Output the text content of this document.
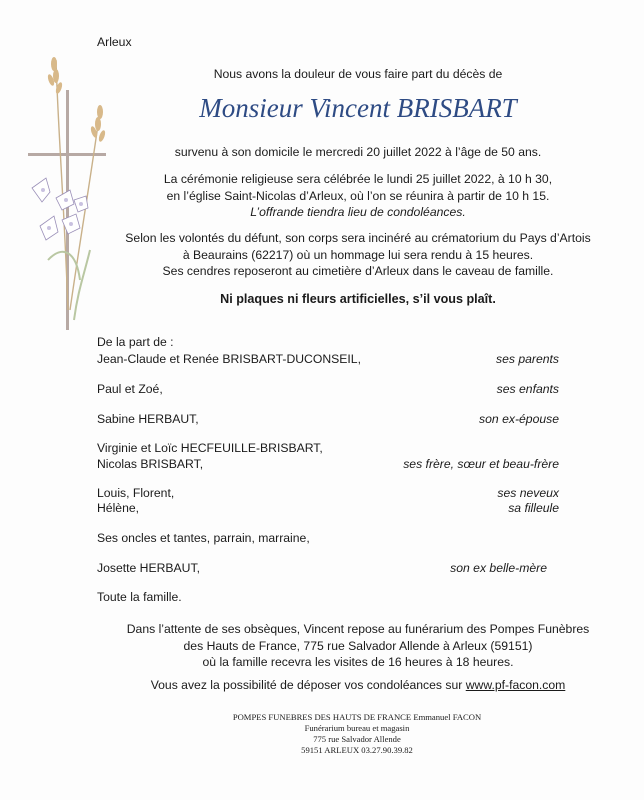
Arleux
Nous avons la douleur de vous faire part du décès de
Monsieur Vincent BRISBART
survenu à son domicile le mercredi 20 juillet 2022 à l’âge de 50 ans.
La cérémonie religieuse sera célébrée le lundi 25 juillet 2022, à 10 h 30,
en l’église Saint-Nicolas d’Arleux, où l’on se réunira à partir de 10 h 15.
L’offrande tiendra lieu de condoléances.
Selon les volontés du défunt, son corps sera incinéré au crématorium du Pays d’Artois
à Beaurains (62217) où un hommage lui sera rendu à 15 heures.
Ses cendres reposeront au cimetière d’Arleux dans le caveau de famille.
Ni plaques ni fleurs artificielles, s’il vous plaît.
De la part de :
Jean-Claude et Renée BRISBART-DUCONSEIL,	ses parents
Paul et Zoé,	ses enfants
Sabine HERBAUT,	son ex-épouse
Virginie et Loïc HECFEUILLE-BRISBART,
Nicolas BRISBART,	ses frère, sœur et beau-frère
Louis, Florent,	ses neveux
Hélène,	sa filleule
Ses oncles et tantes, parrain, marraine,
Josette HERBAUT,	son ex belle-mère
Toute la famille.
Dans l’attente de ses obsèques, Vincent repose au funérarium des Pompes Funèbres
des Hauts de France, 775 rue Salvador Allende à Arleux (59151)
où la famille recevra les visites de 16 heures à 18 heures.
Vous avez la possibilité de déposer vos condoléances sur www.pf-facon.com
POMPES FUNEBRES DES HAUTS DE FRANCE Emmanuel FACON
Funérarium bureau et magasin
775 rue Salvador Allende
59151 ARLEUX 03.27.90.39.82
